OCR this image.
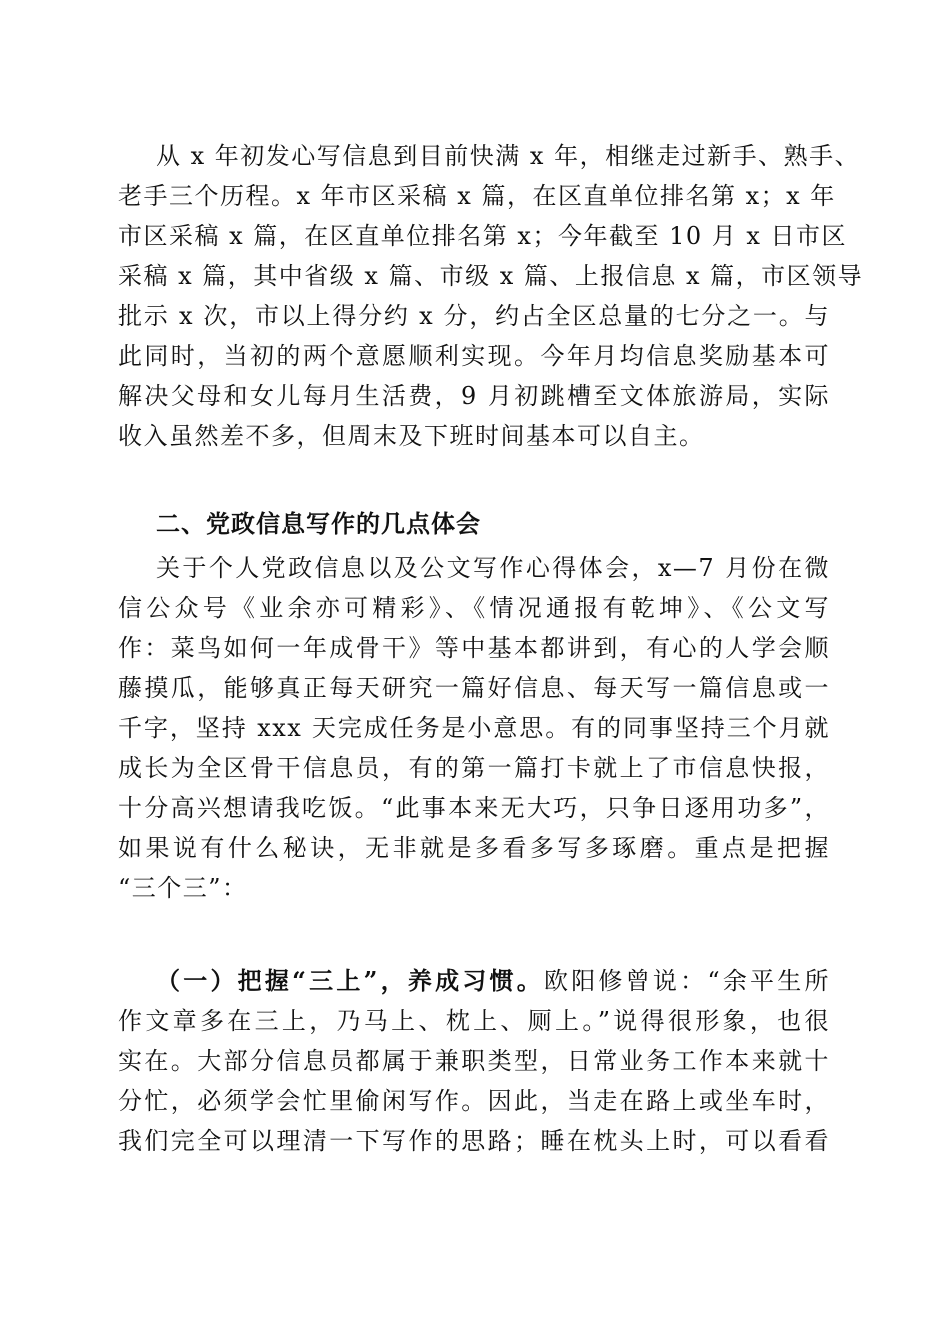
从 x 年初发心写信息到目前快满 x 年，相继走过新手、熟手、
老手三个历程。x 年市区采稿 x 篇，在区直单位排名第 x；x 年
市区采稿 x 篇，在区直单位排名第 x；今年截至 10 月 x 日市区
采稿 x 篇，其中省级 x 篇、市级 x 篇、上报信息 x 篇，市区领导
批示 x 次，市以上得分约 x 分，约占全区总量的七分之一。与
此同时，当初的两个意愿顺利实现。今年月均信息奖励基本可
解决父母和女儿每月生活费，9 月初跳槽至文体旅游局，实际
收入虽然差不多，但周末及下班时间基本可以自主。
二、党政信息写作的几点体会
关于个人党政信息以及公文写作心得体会，x—7 月份在微
信公众号《业余亦可精彩》、《情况通报有乾坤》、《公文写
作：菜鸟如何一年成骨干》等中基本都讲到，有心的人学会顺
藤摸瓜，能够真正每天研究一篇好信息、每天写一篇信息或一
千字，坚持 xxx 天完成任务是小意思。有的同事坚持三个月就
成长为全区骨干信息员，有的第一篇打卡就上了市信息快报，
十分高兴想请我吃饭。“此事本来无大巧，只争日逐用功多”，
如果说有什么秘诀，无非就是多看多写多琢磨。重点是把握
“三个三”：
（一）把握“三上”，养成习惯。欧阳修曾说：“余平生所
作文章多在三上，乃马上、枕上、厕上。”说得很形象，也很
实在。大部分信息员都属于兼职类型，日常业务工作本来就十
分忙，必须学会忙里偷闲写作。因此，当走在路上或坐车时，
我们完全可以理清一下写作的思路；睡在枕头上时，可以看看
